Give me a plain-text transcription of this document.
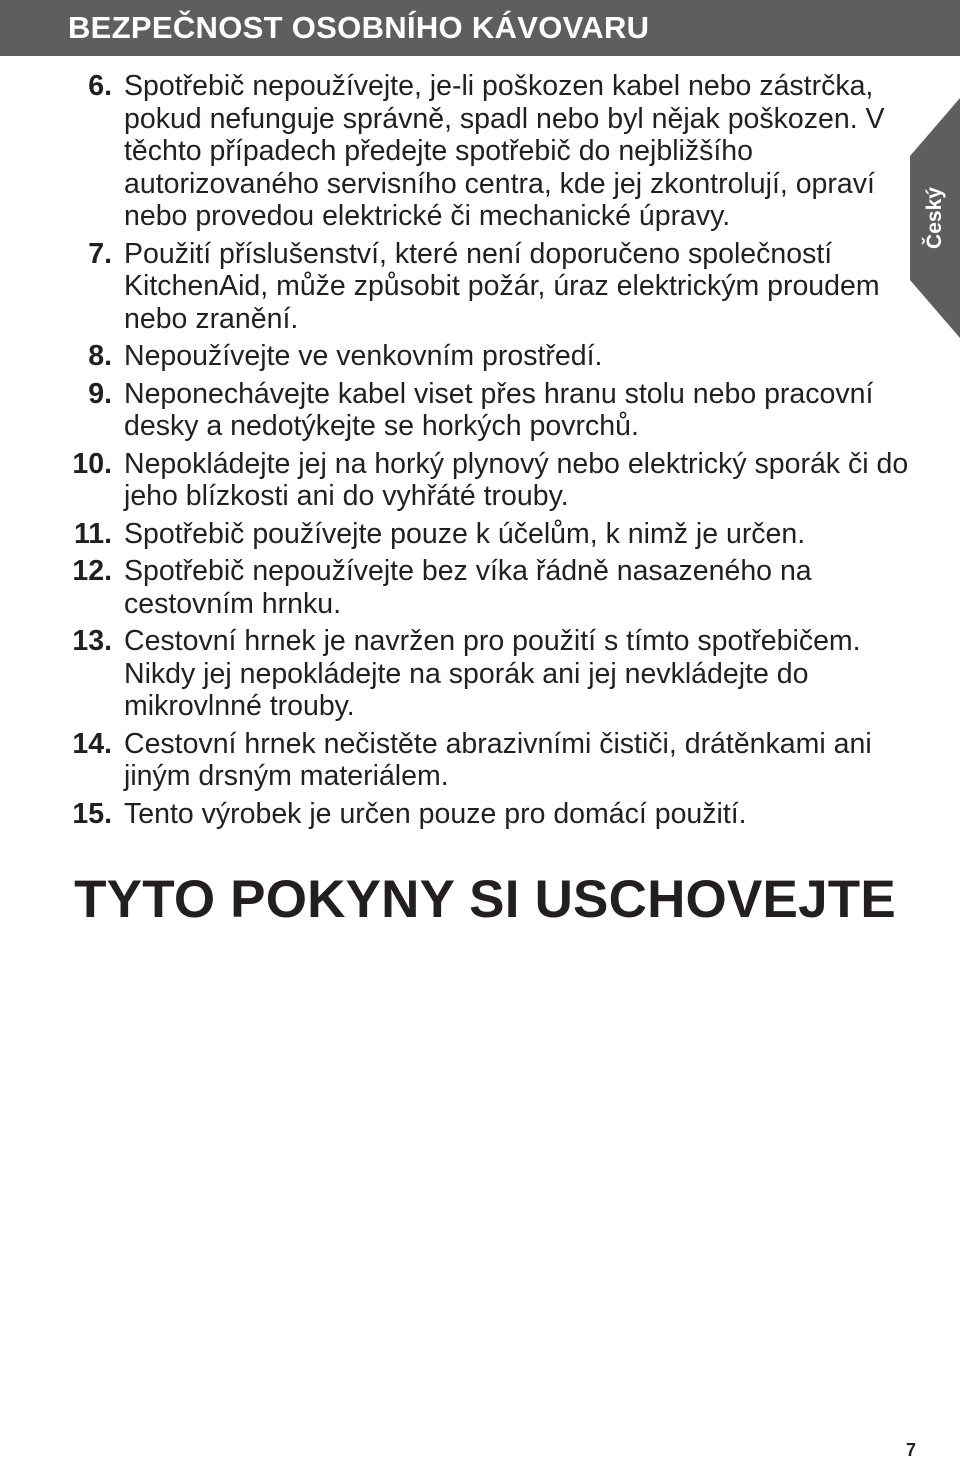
BEZPEČNOST OSOBNÍHO KÁVOVARU
Český
6. Spotřebič nepoužívejte, je-li poškozen kabel nebo zástrčka, pokud nefunguje správně, spadl nebo byl nějak poškozen. V těchto případech předejte spotřebič do nejbližšího autorizovaného servisního centra, kde jej zkontrolují, opraví nebo provedou elektrické či mechanické úpravy.
7. Použití příslušenství, které není doporučeno společností KitchenAid, může způsobit požár, úraz elektrickým proudem nebo zranění.
8. Nepoužívejte ve venkovním prostředí.
9. Neponechávejte kabel viset přes hranu stolu nebo pracovní desky a nedotýkejte se horkých povrchů.
10. Nepokládejte jej na horký plynový nebo elektrický sporák či do jeho blízkosti ani do vyhřáté trouby.
11. Spotřebič používejte pouze k účelům, k nimž je určen.
12. Spotřebič nepoužívejte bez víka řádně nasazeného na cestovním hrnku.
13. Cestovní hrnek je navržen pro použití s tímto spotřebičem. Nikdy jej nepokládejte na sporák ani jej nevkládejte do mikrovlnné trouby.
14. Cestovní hrnek nečistěte abrazivními čističi, drátěnkami ani jiným drsným materiálem.
15. Tento výrobek je určen pouze pro domácí použití.
TYTO POKYNY SI USCHOVEJTE
7
